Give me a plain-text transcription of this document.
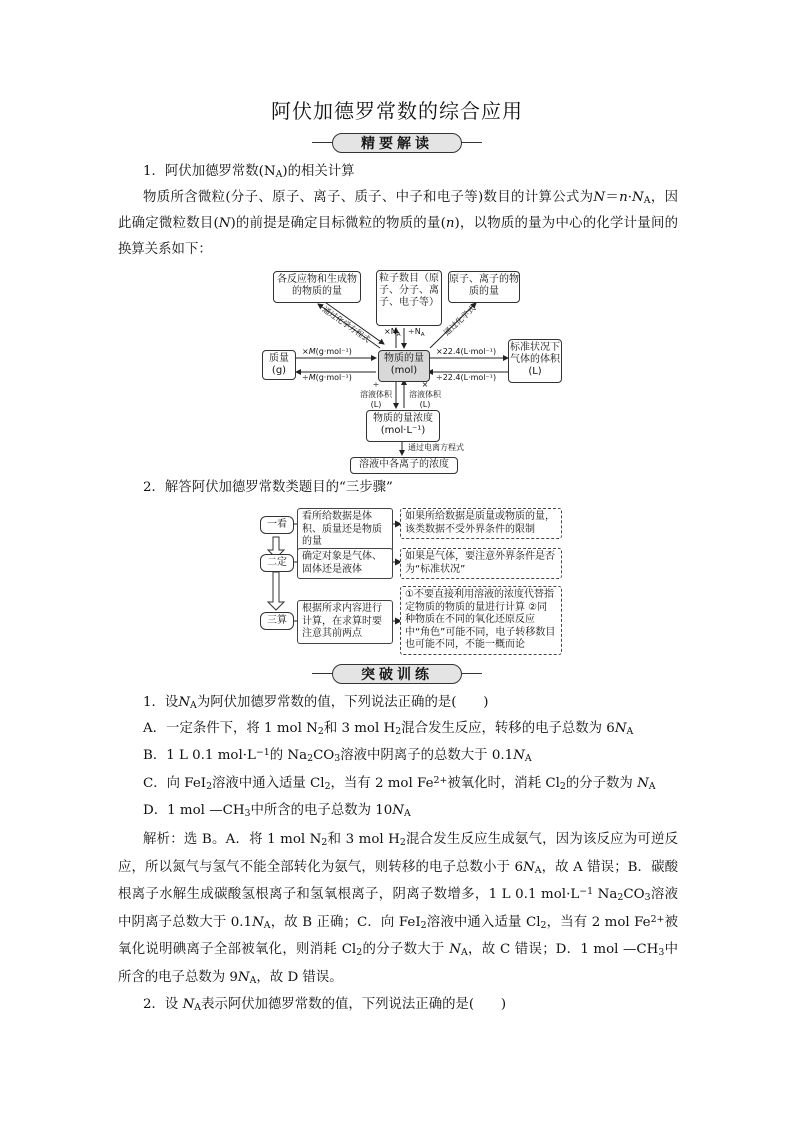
阿伏加德罗常数的综合应用
精要解读
1．阿伏加德罗常数$(N_A)$的相关计算
物质所含微粒(分子、原子、离子、质子、中子和电子等)数目的计算公式为$N=n\cdot N_A$，因此确定微粒数目(N)的前提是确定目标微粒的物质的量(n)，以物质的量为中心的化学计量间的换算关系如下：
各反应物和生成物的物质的量
粒子数目（原子、分子、离子、电子等）
原子、离子的物质的量
物质的量(mol)
质量(g)
标准状况下气体的体积(L)
物质的量浓度(mol·L⁻¹)
溶液中各离子的浓度
通过化学方程式	通过化学式
$\times N_A \div N_A$
×M(g·mol⁻¹)
÷M(g·mol⁻¹)
×22.4(L·mol⁻¹)
÷22.4(L·mol⁻¹)
÷
溶液体积
(L)
×
溶液体积
(L)
通过电离方程式
2．解答阿伏加德罗常数类题目的“三步骤”
一看
二定
三算
看所给数据是体积、质量还是物质的量
如果所给数据是质量或物质的量，该类数据不受外界条件的限制
确定对象是气体、固体还是液体
如果是气体，要注意外界条件是否为“标准状况”
根据所求内容进行计算，在求算时要注意其前两点
①不要直接利用溶液的浓度代替指定物质的物质的量进行计算 ②同种物质在不同的氧化还原反应中“角色”可能不同，电子转移数目也可能不同，不能一概而论
突破训练
1．设$N_A$为阿伏加德罗常数的值，下列说法正确的是(　　)
A．一定条件下，将 1 mol $N_2$和 3 mol $H_2$混合发生反应，转移的电子总数为 $6N_A$
B．1 L 0.1 $mol\cdot L^{-1}$的 $Na_2CO_3$溶液中阴离子的总数大于 $0.1N_A$
C．向 FeI$_2$溶液中通入适量 $Cl_2$，当有 2 mol $Fe^{2+}$被氧化时，消耗 $Cl_2$的分子数为 $N_A$
D．1 mol $—CH_3$中所含的电子总数为 $10N_A$
解析：选 B。A．将 1 mol $N_2$和 3 mol $H_2$混合发生反应生成氨气，因为该反应为可逆反应，所以氮气与氢气不能全部转化为氨气，则转移的电子总数小于 $6N_A$，故 A 错误；B．碳酸根离子水解生成碳酸氢根离子和氢氧根离子，阴离子数增多，1 L 0.1 $mol\cdot L^{-1}$ $Na_2CO_3$溶液中阴离子总数大于 $0.1N_A$，故 B 正确；C．向 FeI$_2$溶液中通入适量 $Cl_2$，当有 2 mol $Fe^{2+}$被氧化说明碘离子全部被氧化，则消耗 $Cl_2$的分子数大于 $N_A$，故 C 错误；D．1 mol $—CH_3$中所含的电子总数为 $9N_A$，故 D 错误。
2．设 $N_A$表示阿伏加德罗常数的值，下列说法正确的是(　　)
